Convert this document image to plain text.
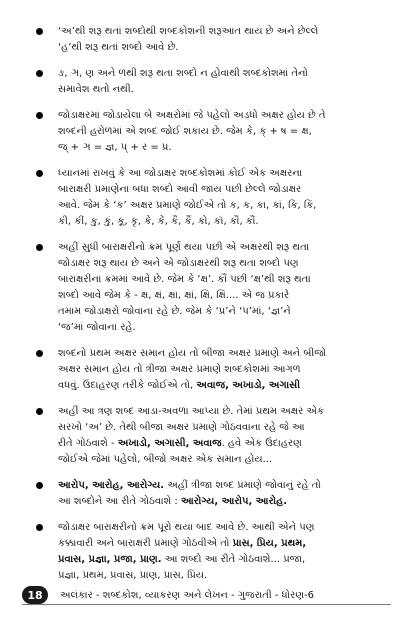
‘અ’થી શરૂ થતાં શબ્દોથી શબ્દકોશની શરૂઆત થાય છે અને છેલ્લે
‘હ’થી શરૂ થતાં શબ્દો આવે છે.
ઙ, ઞ, ણ અને ળથી શરૂ થતા શબ્દો ન હોવાથી શબ્દકોશમાં તેનો
સમાવેશ થતો નથી.
જોડાક્ષરમાં જોડાયેલા બે અક્ષરોમાં જે પહેલો અડધો અક્ષર હોય છે તે
શબ્દની હરોળમાં એ શબ્દ જોઈ શકાય છે. જેમ કે, ક્‌ + ષ = ક્ષ,
જ્‌ + ઞ = જ્ઞ, પ્‌ + ર = પ્ર.
ધ્યાનમાં રાખવું કે આ જોડાક્ષર શબ્દકોશમાં કોઈ એક અક્ષરના
બારાક્ષરી પ્રમાણેના બધા શબ્દો આવી જાય પછી છેલ્લે જોડાક્ષર
આવે. જેમ કે ‘ક’ અક્ષર પ્રમાણે જોઈએ તો ક, ક, કા, કાં, કિ, કિં,
કી, કીં, કુ, કું, કૂ, કૃ, કે, કેં, કૈ, કૈં, કો, કૉ, કૌ, કૌં.
અહીં સુધી બારાક્ષરીનો ક્રમ પૂર્ણ થયા પછી એ અક્ષરથી શરૂ થતા
જોડાક્ષર શરૂ થાય છે અને એ જોડાક્ષરથી શરૂ થતા શબ્દો પણ
બારાક્ષરીના ક્રમમાં આવે છે. જેમ કે ‘ક્ષ’. કૌં પછી ‘ક્ષ’થી શરૂ થતા
શબ્દો આવે જેમ કે - ક્ષ, ક્ષં, ક્ષા, ક્ષાં, ક્ષિ, ક્ષિં.... એ જ પ્રકારે
તમામ જોડાક્ષરો જોવાના રહે છે. જેમ કે ‘પ્ર’ને ‘પ’માં, ‘જ્ઞ’ને
‘જ’માં જોવાના રહે.
શબ્દનો પ્રથમ અક્ષર સમાન હોય તો બીજા અક્ષર પ્રમાણે અને બીજો
અક્ષર સમાન હોય તો ત્રીજા અક્ષર પ્રમાણે શબ્દકોશમાં આગળ
વધવું. ઉદાહરણ તરીકે જોઈએ તો, અવાજ, અખાડો, અગાસી
અહીં આ ત્રણ શબ્દ આડા-અવળા આપ્યા છે. તેમાં પ્રથમ અક્ષર એક
સરખો ‘અ’ છે. તેથી બીજા અક્ષર પ્રમાણે ગોઠવવાના રહે જે આ
રીતે ગોઠવાશે - અખાડો, અગાસી, અવાજ. હવે એક ઉદાહરણ
જોઈએ જેમાં પહેલો, બીજો અક્ષર એક સમાન હોય...
આરોપ, આરોહ, આરોગ્ય. અહીં ત્રીજા શબ્દ પ્રમાણે જોવાનું રહે તો
આ શબ્દોને આ રીતે ગોઠવાશે : આરોગ્ય, આરોપ, આરોહ.
જોડાક્ષર બારાક્ષરીનો ક્રમ પૂરો થયા બાદ આવે છે. આથી એને પણ
કક્કાવારી અને બારાક્ષરી પ્રમાણે ગોઠવીએ તો પ્રાસ, પ્રિય, પ્રથમ,
પ્રવાસ, પ્રજ્ઞા, પ્રજા, પ્રાણ. આ શબ્દો આ રીતે ગોઠવાશે... પ્રજા,
પ્રજ્ઞા, પ્રથમ, પ્રવાસ, પ્રાણ, પ્રાસ, પ્રિય.
18	અલંકાર - શબ્દકોશ, વ્યાકરણ અને લેખન - ગુજરાતી - ધોરણ-6
